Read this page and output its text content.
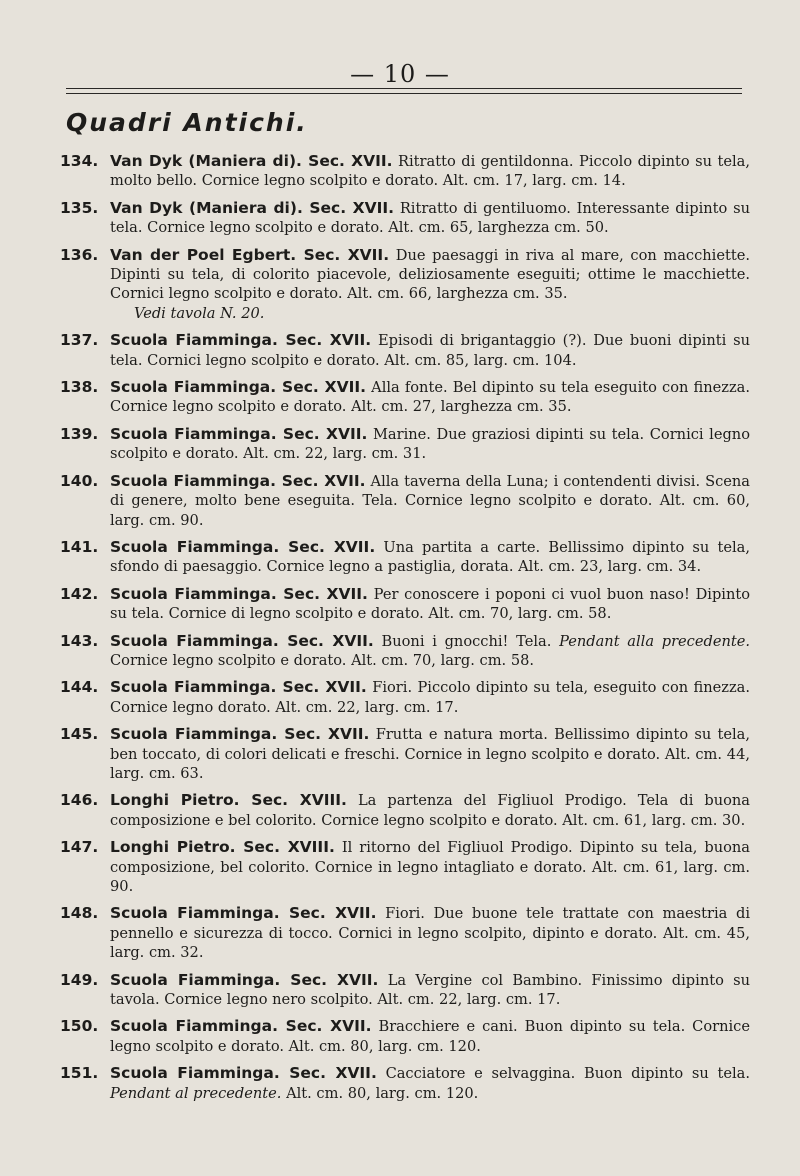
— 10 —
Quadri Antichi.
134. Van Dyk (Maniera di). Sec. XVII. Ritratto di gentildonna. Piccolo dipinto su tela, molto bello. Cornice legno scolpito e dorato. Alt. cm. 17, larg. cm. 14.
135. Van Dyk (Maniera di). Sec. XVII. Ritratto di gentiluomo. Interessante dipinto su tela. Cornice legno scolpito e dorato. Alt. cm. 65, larghezza cm. 50.
136. Van der Poel Egbert. Sec. XVII. Due paesaggi in riva al mare, con macchiette. Dipinti su tela, di colorito piacevole, deliziosamente eseguiti; ottime le macchiette. Cornici legno scolpito e dorato. Alt. cm. 66, larghezza cm. 35.
Vedi tavola N. 20.
137. Scuola Fiamminga. Sec. XVII. Episodi di brigantaggio (?). Due buoni dipinti su tela. Cornici legno scolpito e dorato. Alt. cm. 85, larg. cm. 104.
138. Scuola Fiamminga. Sec. XVII. Alla fonte. Bel dipinto su tela eseguito con finezza. Cornice legno scolpito e dorato. Alt. cm. 27, larghezza cm. 35.
139. Scuola Fiamminga. Sec. XVII. Marine. Due graziosi dipinti su tela. Cornici legno scolpito e dorato. Alt. cm. 22, larg. cm. 31.
140. Scuola Fiamminga. Sec. XVII. Alla taverna della Luna; i contendenti divisi. Scena di genere, molto bene eseguita. Tela. Cornice legno scolpito e dorato. Alt. cm. 60, larg. cm. 90.
141. Scuola Fiamminga. Sec. XVII. Una partita a carte. Bellissimo dipinto su tela, sfondo di paesaggio. Cornice legno a pastiglia, dorata. Alt. cm. 23, larg. cm. 34.
142. Scuola Fiamminga. Sec. XVII. Per conoscere i poponi ci vuol buon naso! Dipinto su tela. Cornice di legno scolpito e dorato. Alt. cm. 70, larg. cm. 58.
143. Scuola Fiamminga. Sec. XVII. Buoni i gnocchi! Tela. Pendant alla precedente. Cornice legno scolpito e dorato. Alt. cm. 70, larg. cm. 58.
144. Scuola Fiamminga. Sec. XVII. Fiori. Piccolo dipinto su tela, eseguito con finezza. Cornice legno dorato. Alt. cm. 22, larg. cm. 17.
145. Scuola Fiamminga. Sec. XVII. Frutta e natura morta. Bellissimo dipinto su tela, ben toccato, di colori delicati e freschi. Cornice in legno scolpito e dorato. Alt. cm. 44, larg. cm. 63.
146. Longhi Pietro. Sec. XVIII. La partenza del Figliuol Prodigo. Tela di buona composizione e bel colorito. Cornice legno scolpito e dorato. Alt. cm. 61, larg. cm. 30.
147. Longhi Pietro. Sec. XVIII. Il ritorno del Figliuol Prodigo. Dipinto su tela, buona composizione, bel colorito. Cornice in legno intagliato e dorato. Alt. cm. 61, larg. cm. 90.
148. Scuola Fiamminga. Sec. XVII. Fiori. Due buone tele trattate con maestria di pennello e sicurezza di tocco. Cornici in legno scolpito, dipinto e dorato. Alt. cm. 45, larg. cm. 32.
149. Scuola Fiamminga. Sec. XVII. La Vergine col Bambino. Finissimo dipinto su tavola. Cornice legno nero scolpito. Alt. cm. 22, larg. cm. 17.
150. Scuola Fiamminga. Sec. XVII. Bracchiere e cani. Buon dipinto su tela. Cornice legno scolpito e dorato. Alt. cm. 80, larg. cm. 120.
151. Scuola Fiamminga. Sec. XVII. Cacciatore e selvaggina. Buon dipinto su tela. Pendant al precedente. Alt. cm. 80, larg. cm. 120.
